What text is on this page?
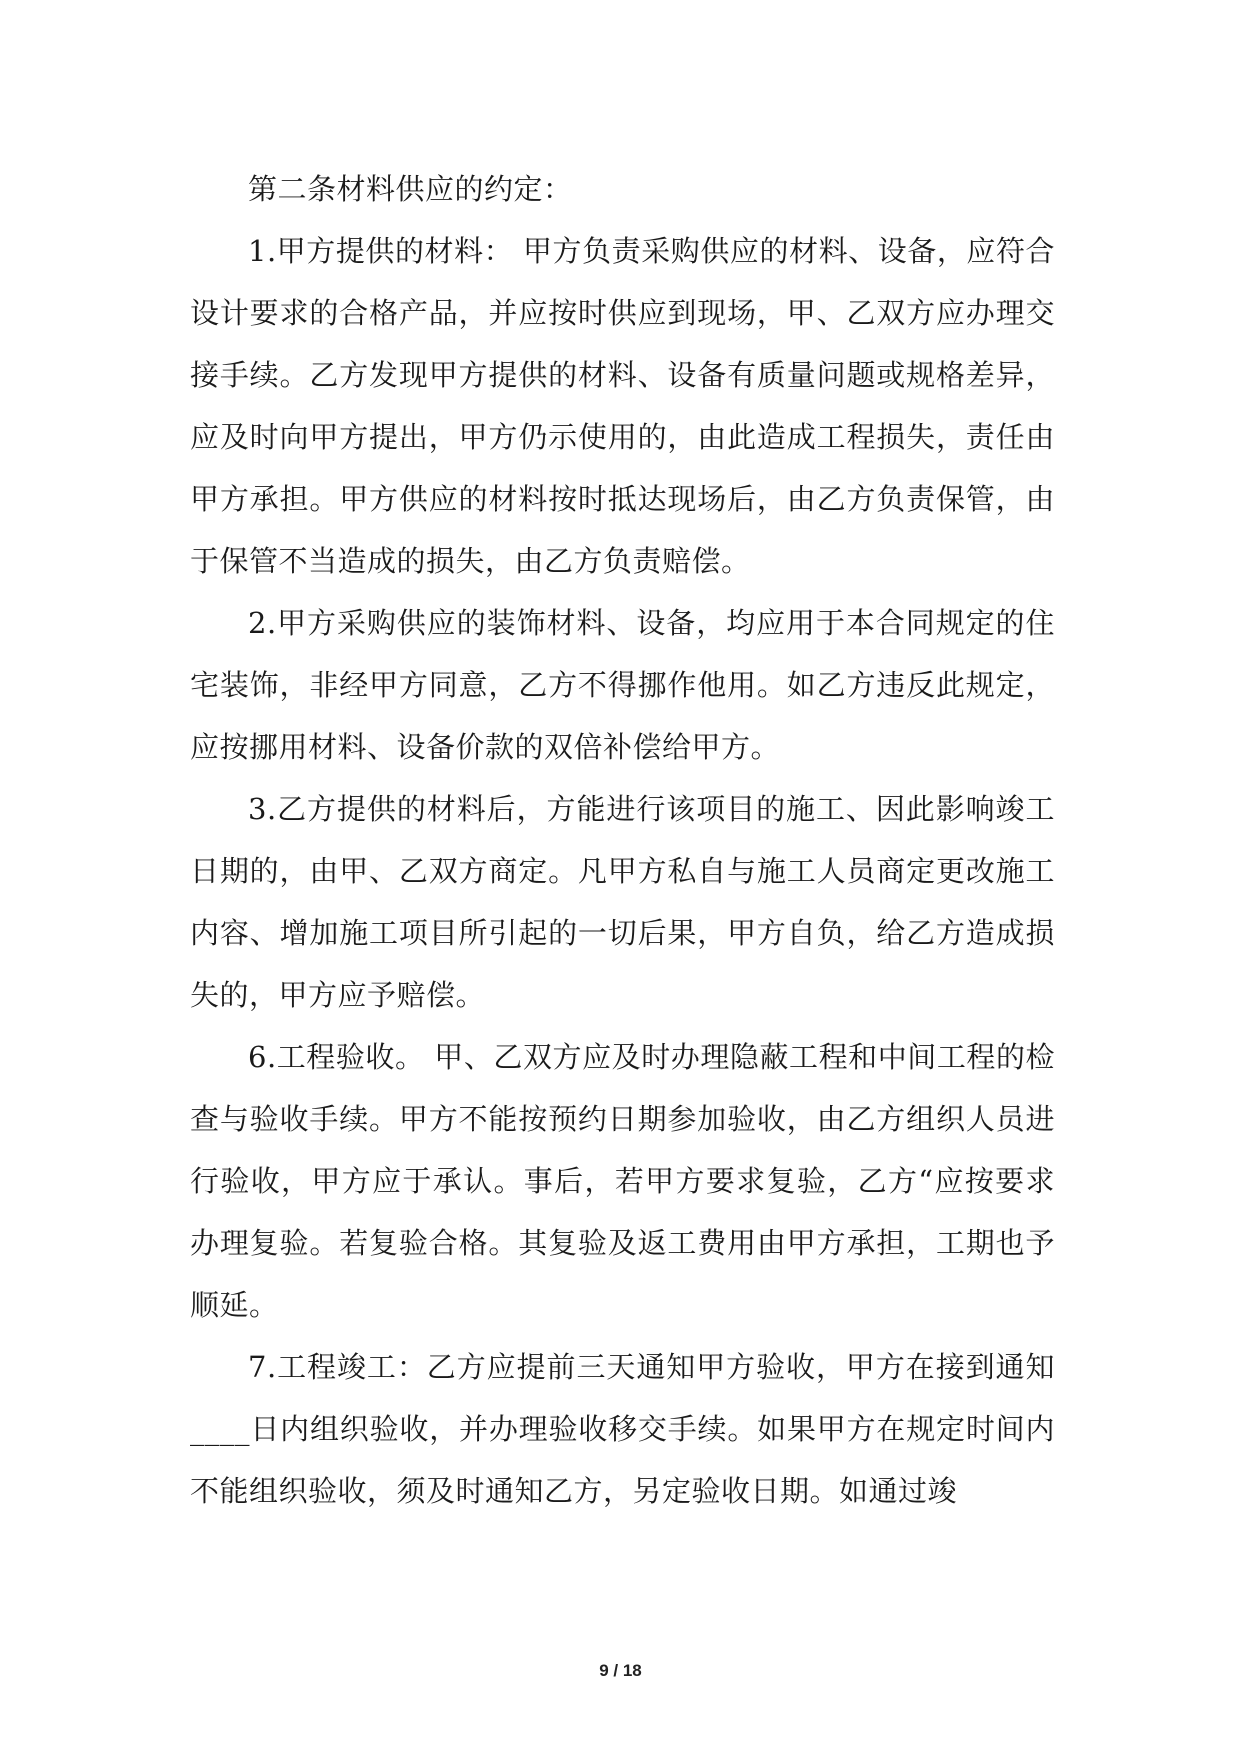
第二条材料供应的约定：

1.甲方提供的材料： 甲方负责采购供应的材料、设备，应符合设计要求的合格产品，并应按时供应到现场，甲、乙双方应办理交接手续。乙方发现甲方提供的材料、设备有质量问题或规格差异，应及时向甲方提出，甲方仍示使用的，由此造成工程损失，责任由甲方承担。甲方供应的材料按时抵达现场后，由乙方负责保管，由于保管不当造成的损失，由乙方负责赔偿。

2.甲方采购供应的装饰材料、设备，均应用于本合同规定的住宅装饰，非经甲方同意，乙方不得挪作他用。如乙方违反此规定，应按挪用材料、设备价款的双倍补偿给甲方。

3.乙方提供的材料后，方能进行该项目的施工、因此影响竣工日期的，由甲、乙双方商定。凡甲方私自与施工人员商定更改施工内容、增加施工项目所引起的一切后果，甲方自负，给乙方造成损失的，甲方应予赔偿。

6.工程验收。 甲、乙双方应及时办理隐蔽工程和中间工程的检查与验收手续。甲方不能按预约日期参加验收，由乙方组织人员进行验收，甲方应于承认。事后，若甲方要求复验，乙方“应按要求办理复验。若复验合格。其复验及返工费用由甲方承担，工期也予顺延。

7.工程竣工：乙方应提前三天通知甲方验收，甲方在接到通知____日内组织验收，并办理验收移交手续。如果甲方在规定时间内不能组织验收，须及时通知乙方，另定验收日期。如通过竣

9 / 18
